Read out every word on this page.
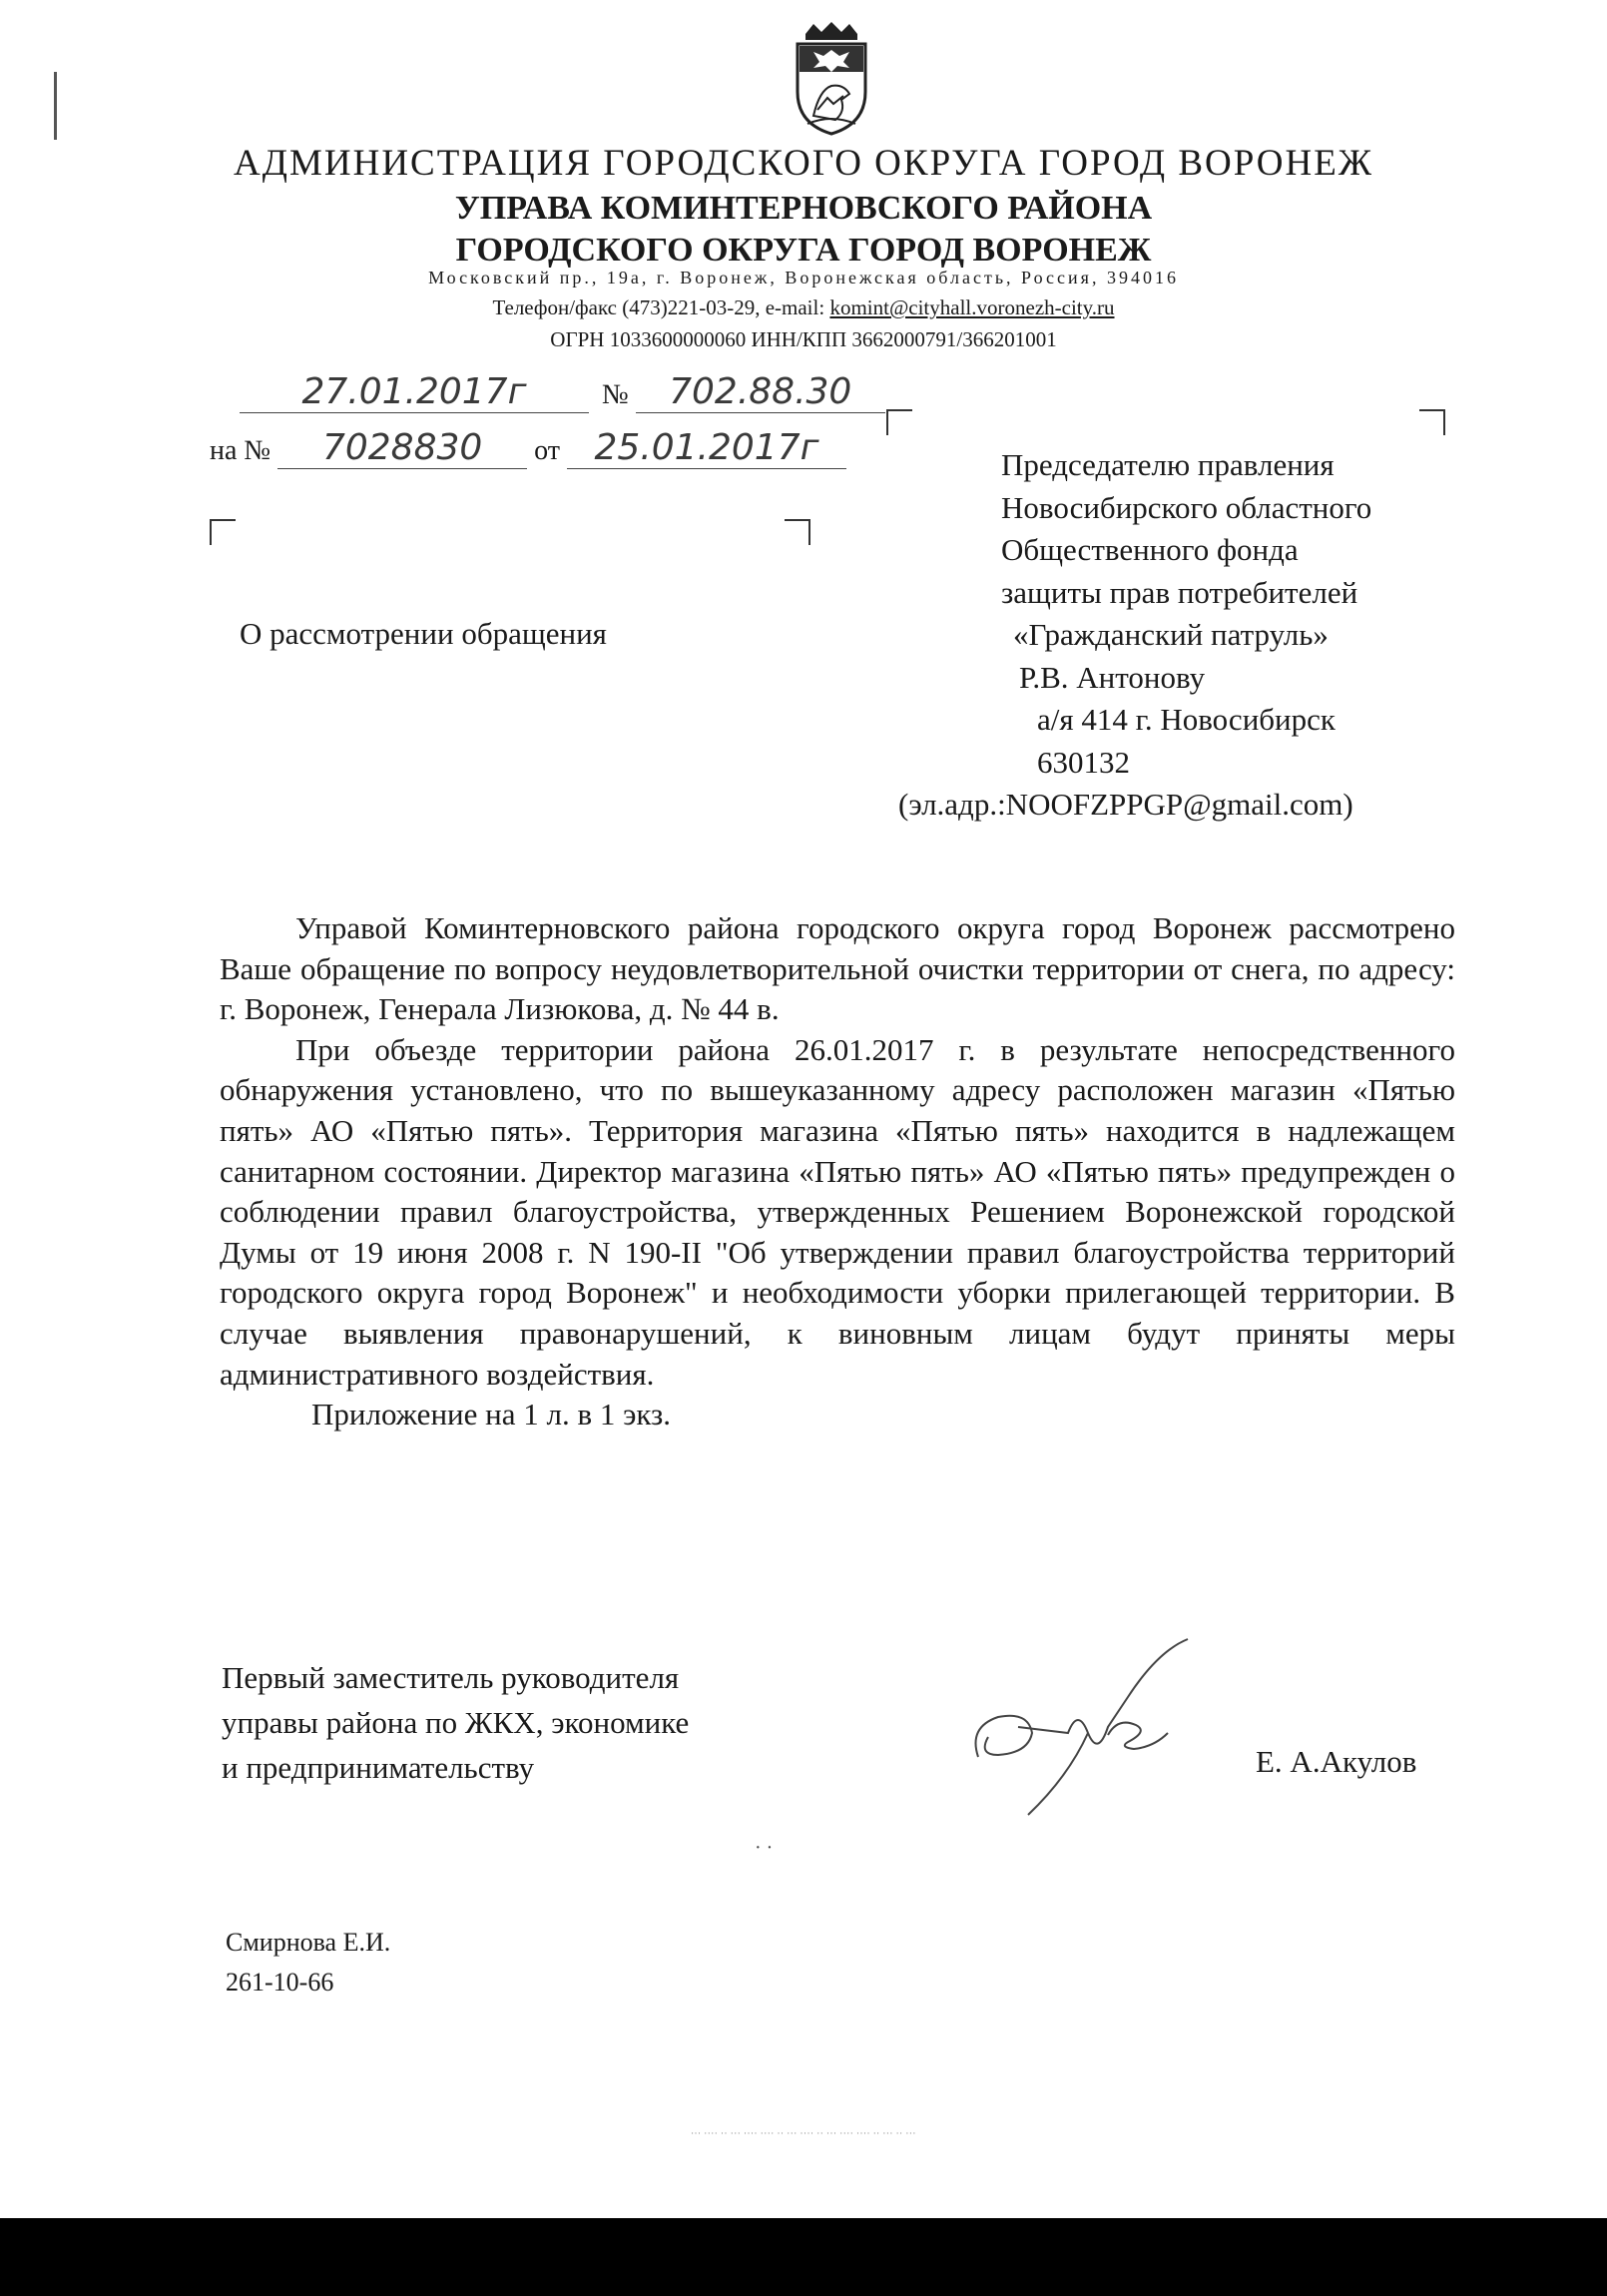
АДМИНИСТРАЦИЯ ГОРОДСКОГО ОКРУГА ГОРОД ВОРОНЕЖ
УПРАВА КОМИНТЕРНОВСКОГО РАЙОНА
ГОРОДСКОГО ОКРУГА ГОРОД ВОРОНЕЖ
Московский пр., 19а, г. Воронеж, Воронежская область, Россия, 394016
Телефон/факс (473)221-03-29, e-mail: komint@cityhall.voronezh-city.ru
ОГРН 1033600000060 ИНН/КПП 3662000791/366201001
27.01.2017г	№ 702.88.30
на № 7028830 от 25.01.2017г	Председателю правления
Новосибирского областного
Общественного фонда
защиты прав потребителей
«Гражданский патруль»
Р.В. Антонову
а/я 414 г. Новосибирск
630132
(эл.адр.:NOOFZPPGP@gmail.com)
О рассмотрении обращения

Управой Коминтерновского района городского округа город Воронеж рассмотрено Ваше обращение по вопросу неудовлетворительной очистки территории от снега, по адресу: г. Воронеж, Генерала Лизюкова, д. № 44 в.

При объезде территории района 26.01.2017 г. в результате непосредственного обнаружения установлено, что по вышеуказанному адресу расположен магазин «Пятью пять» АО «Пятью пять». Территория магазина «Пятью пять» находится в надлежащем санитарном состоянии. Директор магазина «Пятью пять» АО «Пятью пять» предупрежден о соблюдении правил благоустройства, утвержденных Решением Воронежской городской Думы от 19 июня 2008 г. N 190-II "Об утверждении правил благоустройства территорий городского округа город Воронеж" и необходимости уборки прилегающей территории. В случае выявления правонарушений, к виновным лицам будут приняты меры административного воздействия.

Приложение на 1 л. в 1 экз.

Первый заместитель руководителя
управы района по ЖКХ, экономике
и предпринимательству	Е. А.Акулов
· ·
Смирнова Е.И.
261-10-66
··· ···· ·· ··· ···· ···· ·· ··· ···· ·· ··· ···· ···· ·· ··· ·· ···
